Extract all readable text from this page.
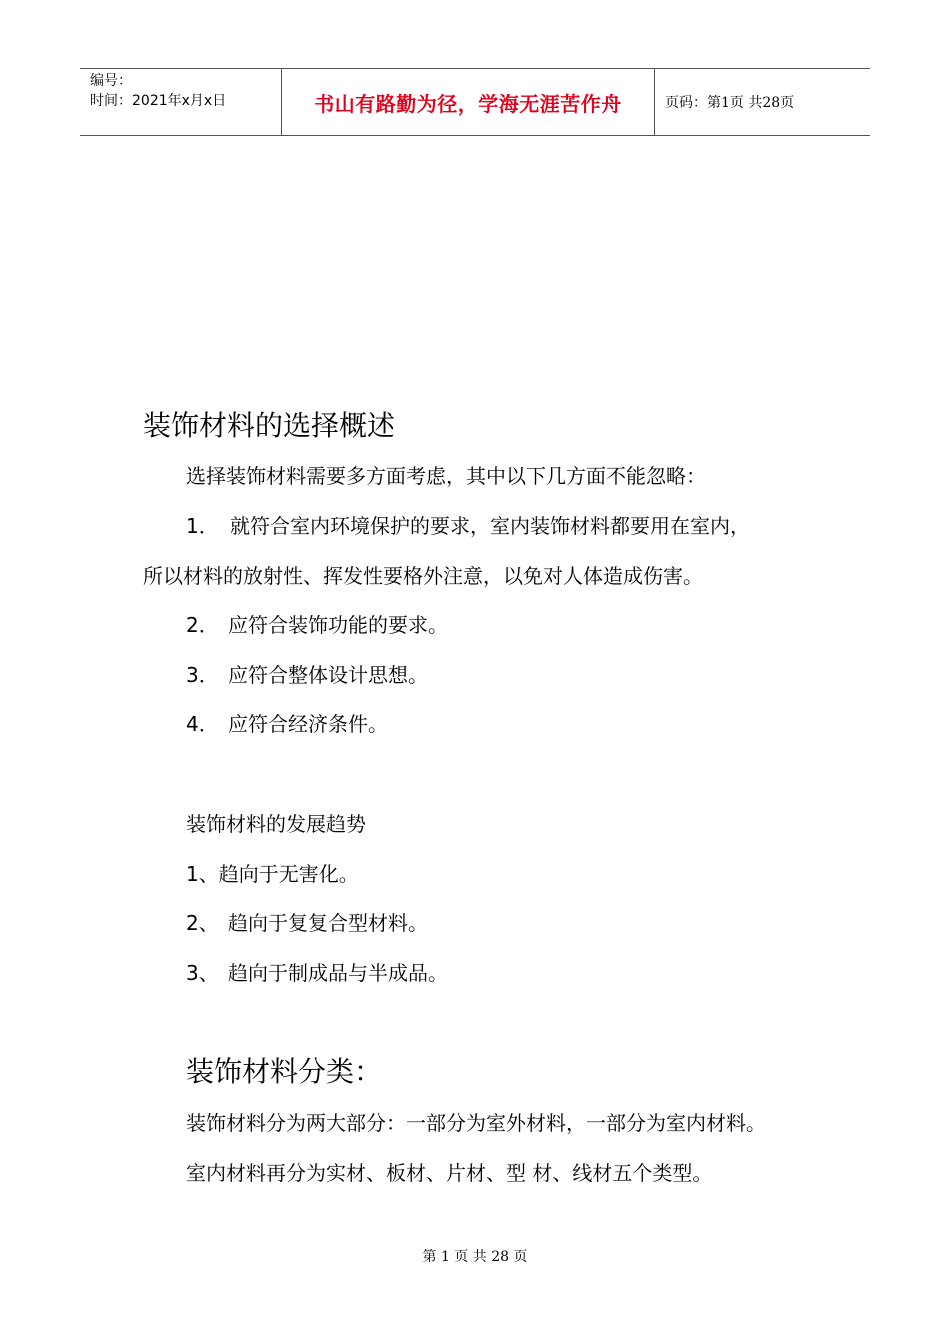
编号：
时间：2021年x月x日	书山有路勤为径，学海无涯苦作舟	页码：第1页 共28页
装饰材料的选择概述
选择装饰材料需要多方面考虑，其中以下几方面不能忽略：
1． 就符合室内环境保护的要求，室内装饰材料都要用在室内，
所以材料的放射性、挥发性要格外注意，以免对人体造成伤害。
2． 应符合装饰功能的要求。
3． 应符合整体设计思想。
4． 应符合经济条件。
装饰材料的发展趋势
1、趋向于无害化。
2、 趋向于复复合型材料。
3、 趋向于制成品与半成品。
装饰材料分类：
装饰材料分为两大部分：一部分为室外材料，一部分为室内材料。
室内材料再分为实材、板材、片材、型 材、线材五个类型。
第 1 页 共 28 页
